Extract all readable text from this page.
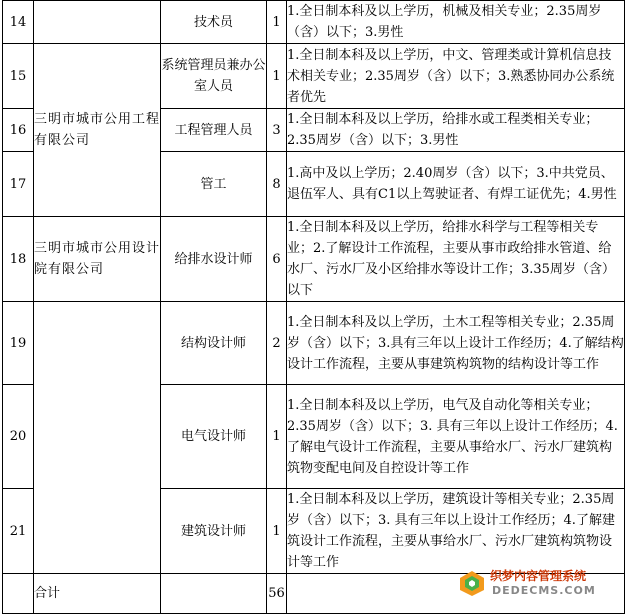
14		技术员	1	1.全日制本科及以上学历，机械及相关专业；2.35周岁（含）以下；3.男性
15	三明市城市公用工程有限公司	系统管理员兼办公室人员	1	1.全日制本科及以上学历，中文、管理类或计算机信息技术相关专业；2.35周岁（含）以下；3.熟悉协同办公系统者优先
16		工程管理人员	3	1.全日制本科及以上学历，给排水或工程类相关专业；2.35周岁（含）以下；3.男性
17		管工	8	1.高中及以上学历；2.40周岁（含）以下；3.中共党员、退伍军人、具有C1以上驾驶证者、有焊工证优先；4.男性
18	三明市城市公用设计院有限公司	给排水设计师	6	1.全日制本科及以上学历，给排水科学与工程等相关专业；2.了解设计工作流程，主要从事市政给排水管道、给水厂、污水厂及小区给排水等设计工作；3.35周岁（含）以下
19		结构设计师	2	1.全日制本科及以上学历，土木工程等相关专业；2.35周岁（含）以下；3.具有三年以上设计工作经历；4.了解结构设计工作流程，主要从事建筑构筑物的结构设计等工作
20		电气设计师	1	1.全日制本科及以上学历，电气及自动化等相关专业；2.35周岁（含）以下；3. 具有三年以上设计工作经历；4.了解电气设计工作流程，主要从事给水厂、污水厂建筑构筑物变配电间及自控设计等工作
21		建筑设计师	1	1.全日制本科及以上学历，建筑设计等相关专业；2.35周岁（含）以下；3. 具有三年以上设计工作经历；4.了解建筑设计工作流程，主要从事给水厂、污水厂建筑构筑物设计等工作
	合计		56	
织梦内容管理系统
DEDECMS.COM
